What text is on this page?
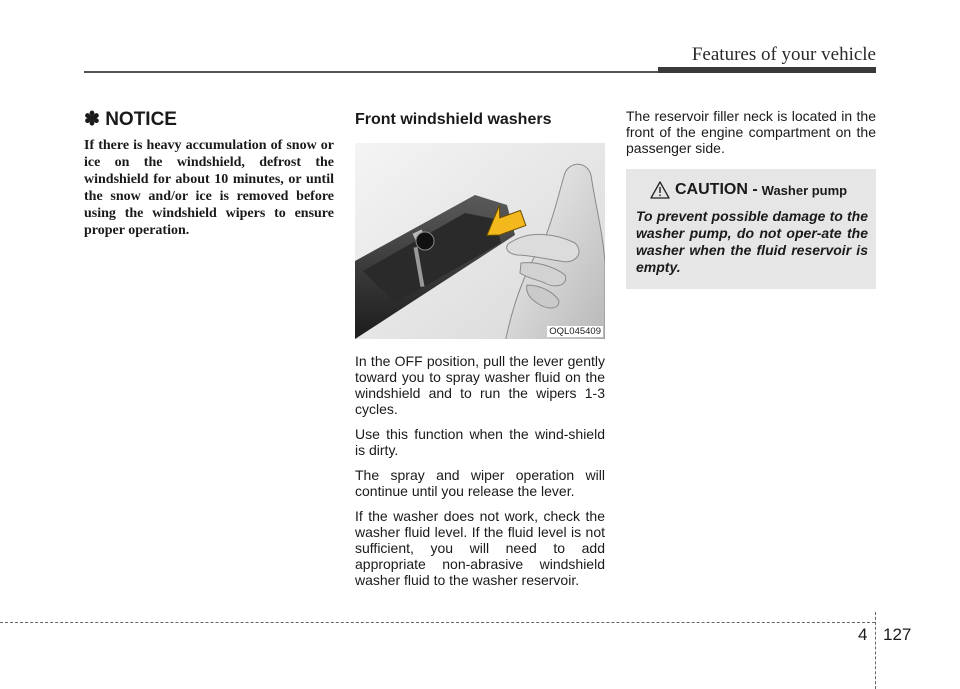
Features of your vehicle
✽ NOTICE

If there is heavy accumulation of snow or ice on the windshield, defrost the windshield for about 10 minutes, or until the snow and/or ice is removed before using the windshield wipers to ensure proper operation.

Front windshield washers
OQL045409

In the OFF position, pull the lever gently toward you to spray washer fluid on the windshield and to run the wipers 1-3 cycles.

Use this function when the wind-shield is dirty.

The spray and wiper operation will continue until you release the lever.

If the washer does not work, check the washer fluid level. If the fluid level is not sufficient, you will need to add appropriate non-abrasive windshield washer fluid to the washer reservoir.

The reservoir filler neck is located in the front of the engine compartment on the passenger side.

CAUTION - Washer pump

To prevent possible damage to the washer pump, do not oper-ate the washer when the fluid reservoir is empty.

4 127
